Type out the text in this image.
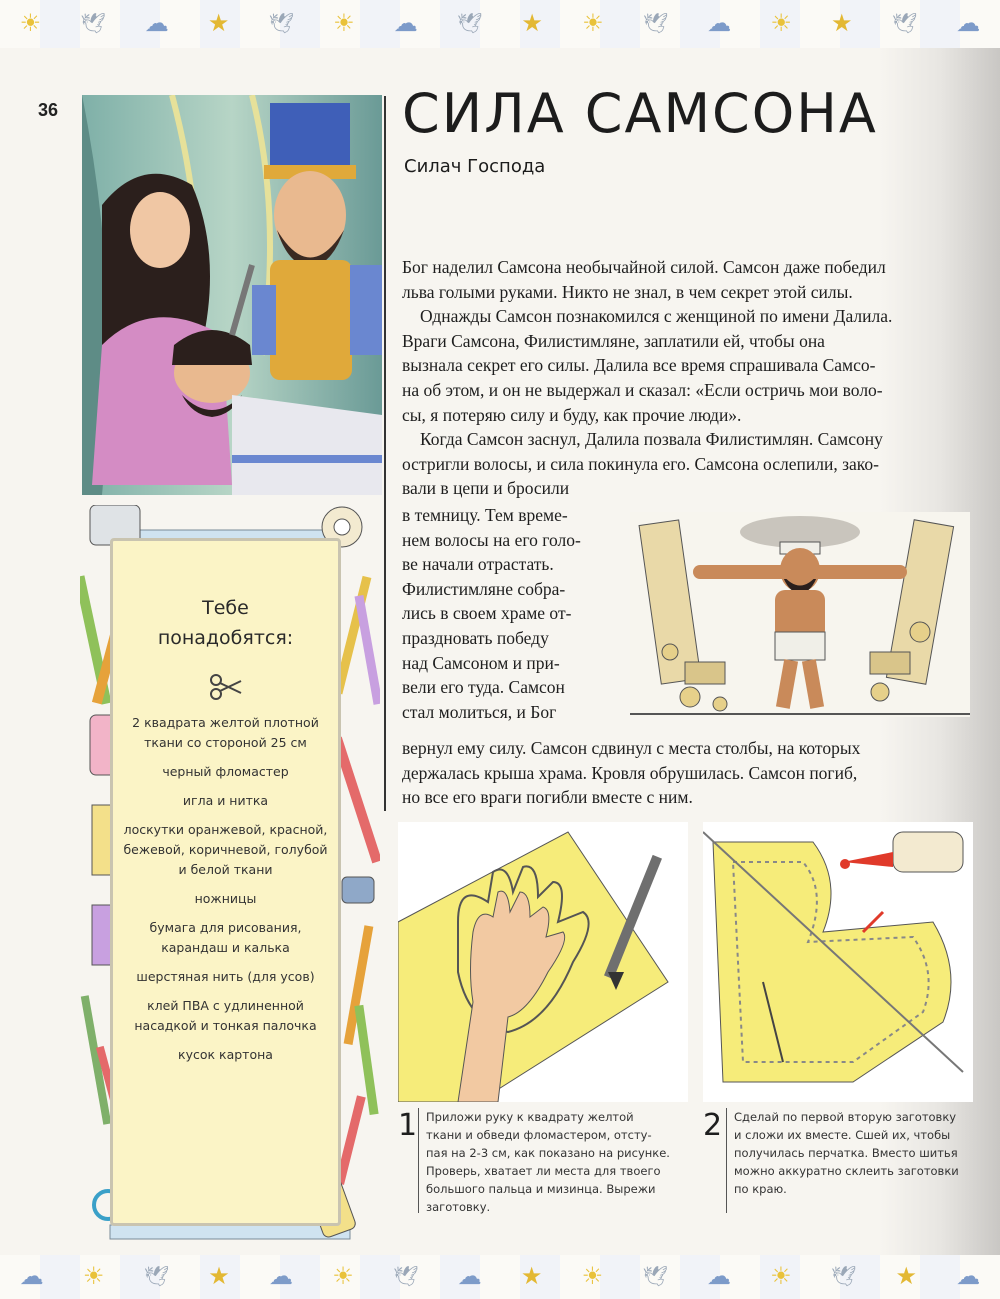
☀ 🕊 ☁ ★ 🕊 ☀ ☁ 🕊 ★ ☀ 🕊 ☁ ☀ ★ 🕊 ☁
36
Тебе
понадобятся:
2 квадрата желтой плотной ткани со стороной 25 см
черный фломастер
игла и нитка
лоскутки оранжевой, красной, бежевой, коричневой, голубой и белой ткани
ножницы
бумага для рисования, карандаш и калька
шерстяная нить (для усов)
клей ПВА с удлиненной насадкой и тонкая палочка
кусок картона
СИЛА САМСОНА
Силач Господа
Бог наделил Самсона необычайной силой. Самсон даже победил
льва голыми руками. Никто не знал, в чем секрет этой силы.
Однажды Самсон познакомился с женщиной по имени Далила.
Враги Самсона, Филистимляне, заплатили ей, чтобы она
вызнала секрет его силы. Далила все время спрашивала Самсо-
на об этом, и он не выдержал и сказал: «Если остричь мои воло-
сы, я потеряю силу и буду, как прочие люди».
Когда Самсон заснул, Далила позвала Филистимлян. Самсону
остригли волосы, и сила покинула его. Самсона ослепили, зако-
вали в цепи и бросили
в темницу. Тем време-
нем волосы на его голо-
ве начали отрастать.
Филистимляне собра-
лись в своем храме от-
праздновать победу
над Самсоном и при-
вели его туда. Самсон
стал молиться, и Бог
вернул ему силу. Самсон сдвинул с места столбы, на которых
держалась крыша храма. Кровля обрушилась. Самсон погиб,
но все его враги погибли вместе с ним.
1 Приложи руку к квадрату желтой
ткани и обведи фломастером, отсту-
пая на 2-3 см, как показано на рисунке.
Проверь, хватает ли места для твоего
большого пальца и мизинца. Вырежи
заготовку.
2 Сделай по первой вторую заготовку
и сложи их вместе. Сшей их, чтобы
получилась перчатка. Вместо шитья
можно аккуратно склеить заготовки
по краю.
☁ ☀ 🕊 ★ ☁ ☀ 🕊 ☁ ★ ☀ 🕊 ☁ ☀ 🕊 ★ ☁
